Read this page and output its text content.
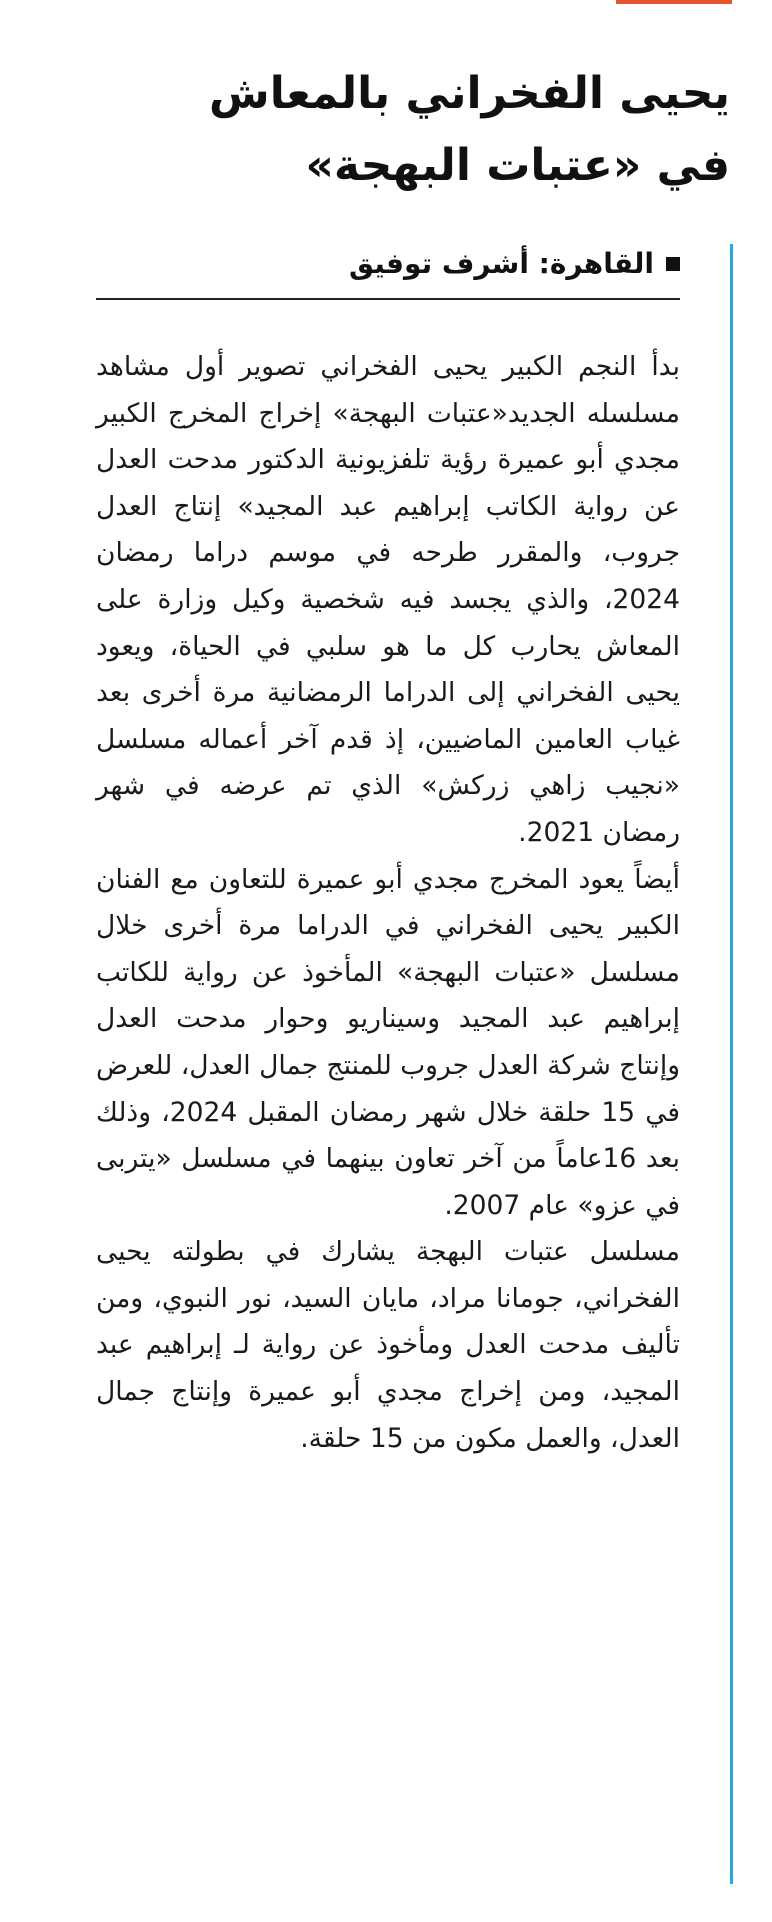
يحيى الفخراني بالمعاش في «عتبات البهجة»
القاهرة: أشرف توفيق

بدأ النجم الكبير يحيى الفخراني تصوير أول مشاهد مسلسله الجديد«عتبات البهجة» إخراج المخرج الكبير مجدي أبو عميرة رؤية تلفزيونية الدكتور مدحت العدل عن رواية الكاتب إبراهيم عبد المجيد» إنتاج العدل جروب، والمقرر طرحه في موسم دراما رمضان 2024، والذي يجسد فيه شخصية وكيل وزارة على المعاش يحارب كل ما هو سلبي في الحياة، ويعود يحيى الفخراني إلى الدراما الرمضانية مرة أخرى بعد غياب العامين الماضيين، إذ قدم آخر أعماله مسلسل «نجيب زاهي زركش» الذي تم عرضه في شهر رمضان 2021.

أيضاً يعود المخرج مجدي أبو عميرة للتعاون مع الفنان الكبير يحيى الفخراني في الدراما مرة أخرى خلال مسلسل «عتبات البهجة» المأخوذ عن رواية للكاتب إبراهيم عبد المجيد وسيناريو وحوار مدحت العدل وإنتاج شركة العدل جروب للمنتج جمال العدل، للعرض في 15 حلقة خلال شهر رمضان المقبل 2024، وذلك بعد 16عاماً من آخر تعاون بينهما في مسلسل «يتربى في عزو» عام 2007.

مسلسل عتبات البهجة يشارك في بطولته يحيى الفخراني، جومانا مراد، مايان السيد، نور النبوي، ومن تأليف مدحت العدل ومأخوذ عن رواية لـ إبراهيم عبد المجيد، ومن إخراج مجدي أبو عميرة وإنتاج جمال العدل، والعمل مكون من 15 حلقة.
